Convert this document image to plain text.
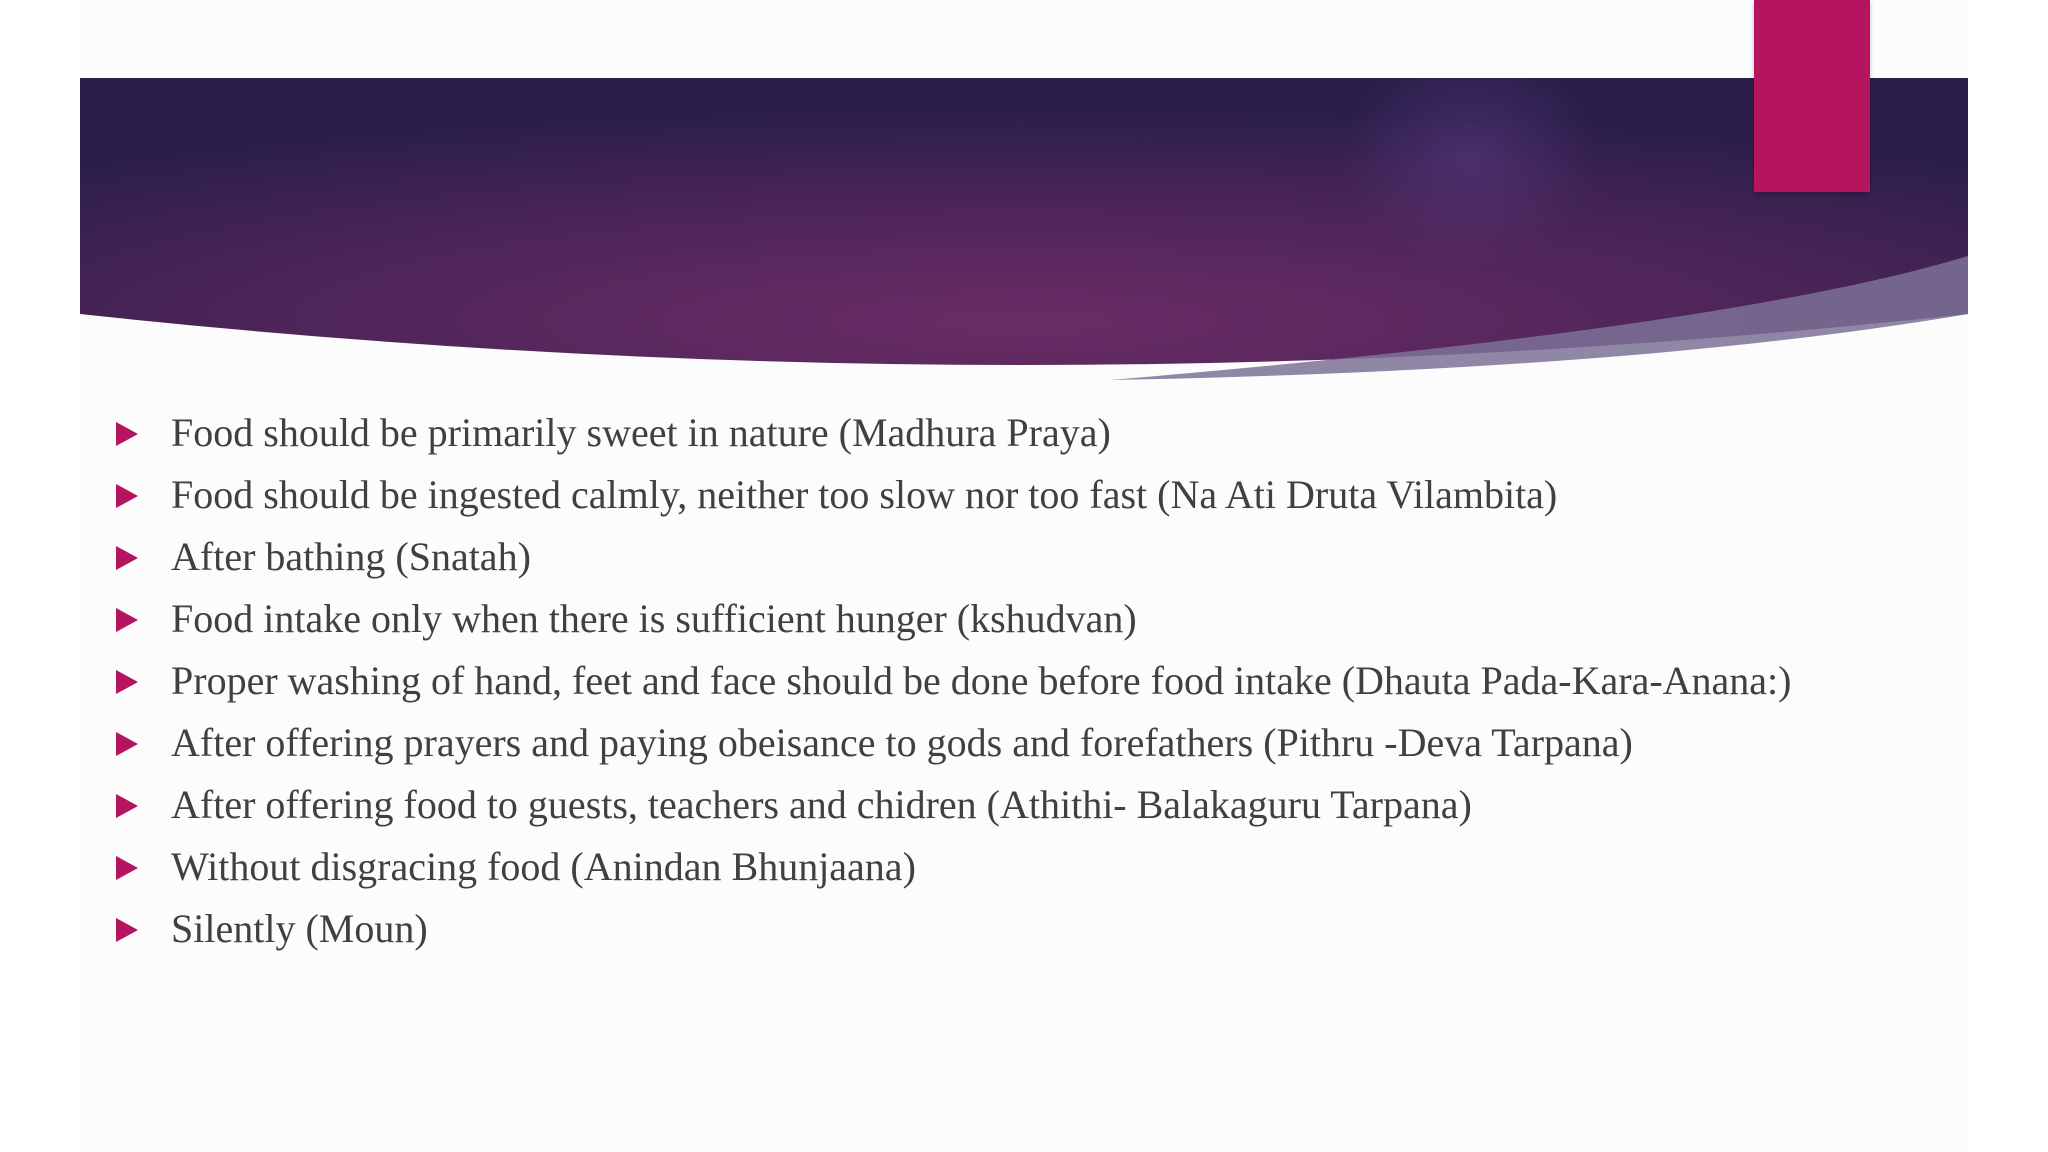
Food should be primarily sweet in nature (Madhura Praya)
Food should be ingested calmly, neither too slow nor too fast (Na Ati Druta Vilambita)
After bathing (Snatah)
Food intake only when there is sufficient hunger (kshudvan)
Proper washing of hand, feet and face should be done before food intake (Dhauta Pada-Kara-Anana:)
After offering prayers and paying obeisance to gods and forefathers (Pithru -Deva Tarpana)
After offering food to guests, teachers and chidren (Athithi- Balakaguru Tarpana)
Without disgracing food (Anindan Bhunjaana)
Silently (Moun)
